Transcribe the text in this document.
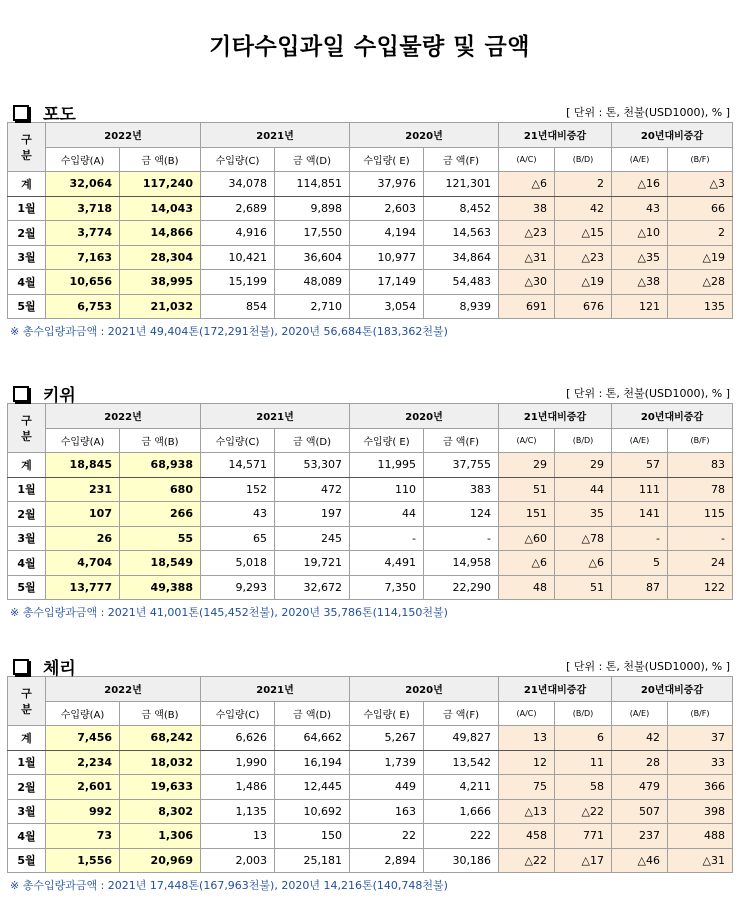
기타수입과일 수입물량 및 금액
포도	[ 단위 : 톤, 천불(USD1000), % ]
구 분	2022년		2021년		2020년		21년대비증감		20년대비증감	
	수입량(A)	금 액(B)	수입량(C)	금 액(D)	수입량( E)	금 액(F)	(A/C)	(B/D)	(A/E)	(B/F)
계	32,064	117,240	34,078	114,851	37,976	121,301	△6	2	△16	△3
1월	3,718	14,043	2,689	9,898	2,603	8,452	38	42	43	66
2월	3,774	14,866	4,916	17,550	4,194	14,563	△23	△15	△10	2
3월	7,163	28,304	10,421	36,604	10,977	34,864	△31	△23	△35	△19
4월	10,656	38,995	15,199	48,089	17,149	54,483	△30	△19	△38	△28
5월	6,753	21,032	854	2,710	3,054	8,939	691	676	121	135
※ 총수입량과금액 : 2021년 49,404톤(172,291천불), 2020년 56,684톤(183,362천불)
키위	[ 단위 : 톤, 천불(USD1000), % ]
구 분	2022년		2021년		2020년		21년대비증감		20년대비증감	
	수입량(A)	금 액(B)	수입량(C)	금 액(D)	수입량( E)	금 액(F)	(A/C)	(B/D)	(A/E)	(B/F)
계	18,845	68,938	14,571	53,307	11,995	37,755	29	29	57	83
1월	231	680	152	472	110	383	51	44	111	78
2월	107	266	43	197	44	124	151	35	141	115
3월	26	55	65	245	-	-	△60	△78	-	-
4월	4,704	18,549	5,018	19,721	4,491	14,958	△6	△6	5	24
5월	13,777	49,388	9,293	32,672	7,350	22,290	48	51	87	122
※ 총수입량과금액 : 2021년 41,001톤(145,452천불), 2020년 35,786톤(114,150천불)
체리	[ 단위 : 톤, 천불(USD1000), % ]
구 분	2022년		2021년		2020년		21년대비증감		20년대비증감	
	수입량(A)	금 액(B)	수입량(C)	금 액(D)	수입량( E)	금 액(F)	(A/C)	(B/D)	(A/E)	(B/F)
계	7,456	68,242	6,626	64,662	5,267	49,827	13	6	42	37
1월	2,234	18,032	1,990	16,194	1,739	13,542	12	11	28	33
2월	2,601	19,633	1,486	12,445	449	4,211	75	58	479	366
3월	992	8,302	1,135	10,692	163	1,666	△13	△22	507	398
4월	73	1,306	13	150	22	222	458	771	237	488
5월	1,556	20,969	2,003	25,181	2,894	30,186	△22	△17	△46	△31
※ 총수입량과금액 : 2021년 17,448톤(167,963천불), 2020년 14,216톤(140,748천불)
